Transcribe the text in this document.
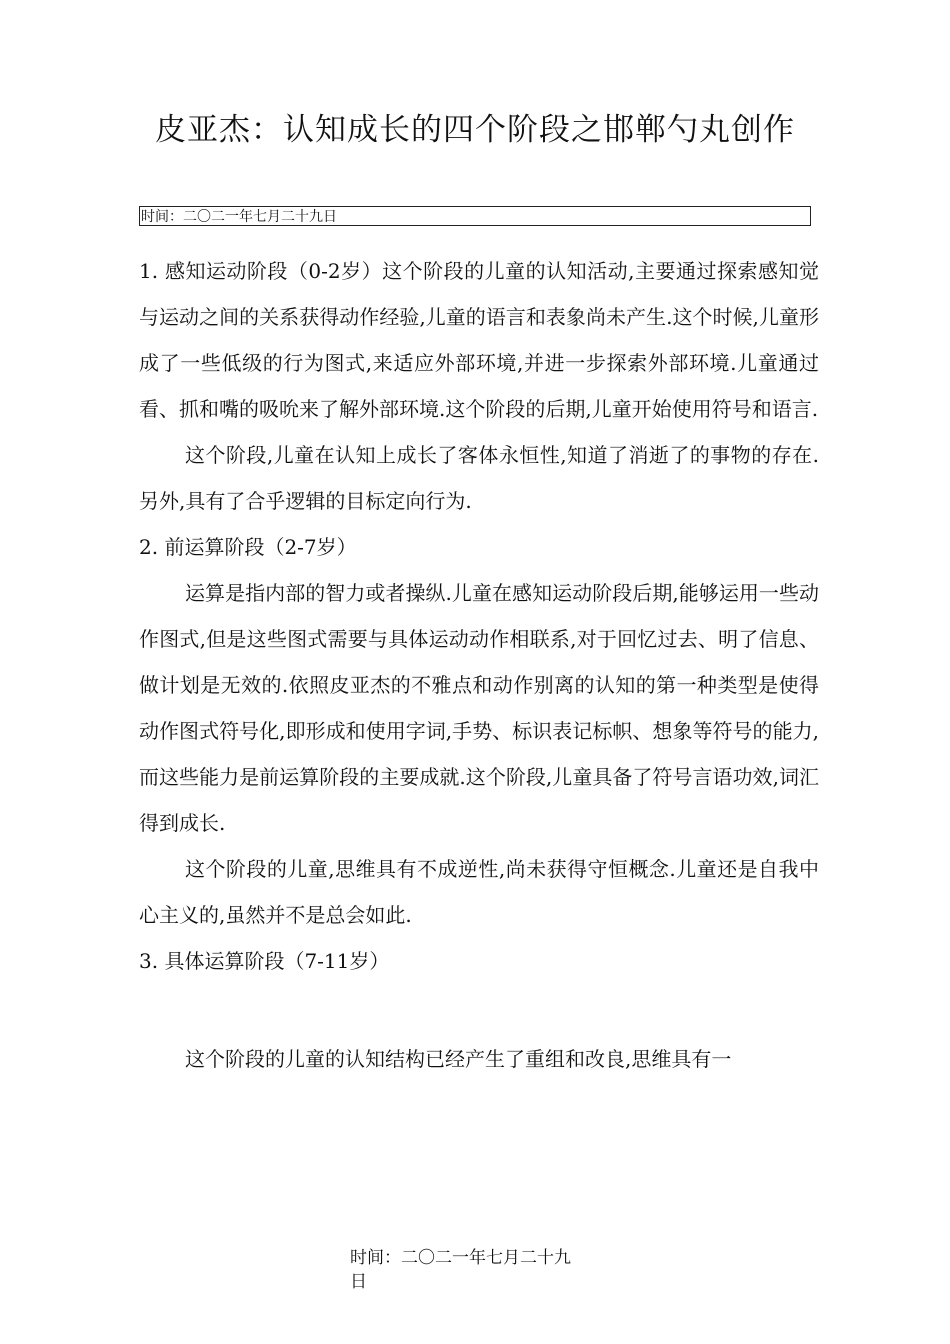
皮亚杰：认知成长的四个阶段之邯郸勺丸创作
时间：二〇二一年七月二十九日

1. 感知运动阶段（0-2岁）这个阶段的儿童的认知活动,主要通过探索感知觉与运动之间的关系获得动作经验,儿童的语言和表象尚未产生.这个时候,儿童形成了一些低级的行为图式,来适应外部环境,并进一步探索外部环境.儿童通过看、抓和嘴的吸吮来了解外部环境.这个阶段的后期,儿童开始使用符号和语言.

这个阶段,儿童在认知上成长了客体永恒性,知道了消逝了的事物的存在.另外,具有了合乎逻辑的目标定向行为.

2. 前运算阶段（2-7岁）

运算是指内部的智力或者操纵.儿童在感知运动阶段后期,能够运用一些动作图式,但是这些图式需要与具体运动动作相联系,对于回忆过去、明了信息、做计划是无效的.依照皮亚杰的不雅点和动作别离的认知的第一种类型是使得动作图式符号化,即形成和使用字词,手势、标识表记标帜、想象等符号的能力,而这些能力是前运算阶段的主要成就.这个阶段,儿童具备了符号言语功效,词汇得到成长.

这个阶段的儿童,思维具有不成逆性,尚未获得守恒概念.儿童还是自我中心主义的,虽然并不是总会如此.

3. 具体运算阶段（7-11岁）

这个阶段的儿童的认知结构已经产生了重组和改良,思维具有一

时间：二〇二一年七月二十九
日
